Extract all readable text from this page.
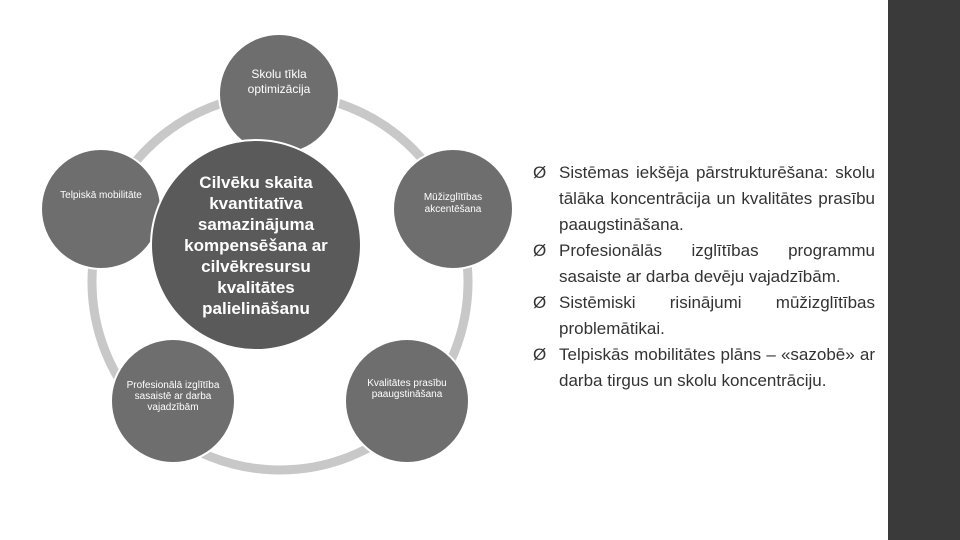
Skolu tīkla optimizācija
Mūžizglītības akcentēšana
Kvalitātes prasību paaugstināšana
Profesionālā izglītība sasaistē ar darba vajadzībām
Telpiskā mobilitāte
Cilvēku skaita kvantitatīva samazinājuma kompensēšana ar cilvēkresursu kvalitātes palielināšanu
Ø Sistēmas iekšēja pārstrukturēšana: skolu tālāka koncentrācija un kvalitātes prasību paaugstināšana.
Ø Profesionālās izglītības programmu sasaiste ar darba devēju vajadzībām.
Ø Sistēmiski risinājumi mūžizglītības problemātikai.
Ø Telpiskās mobilitātes plāns – «sazobē» ar darba tirgus un skolu koncentrāciju.
